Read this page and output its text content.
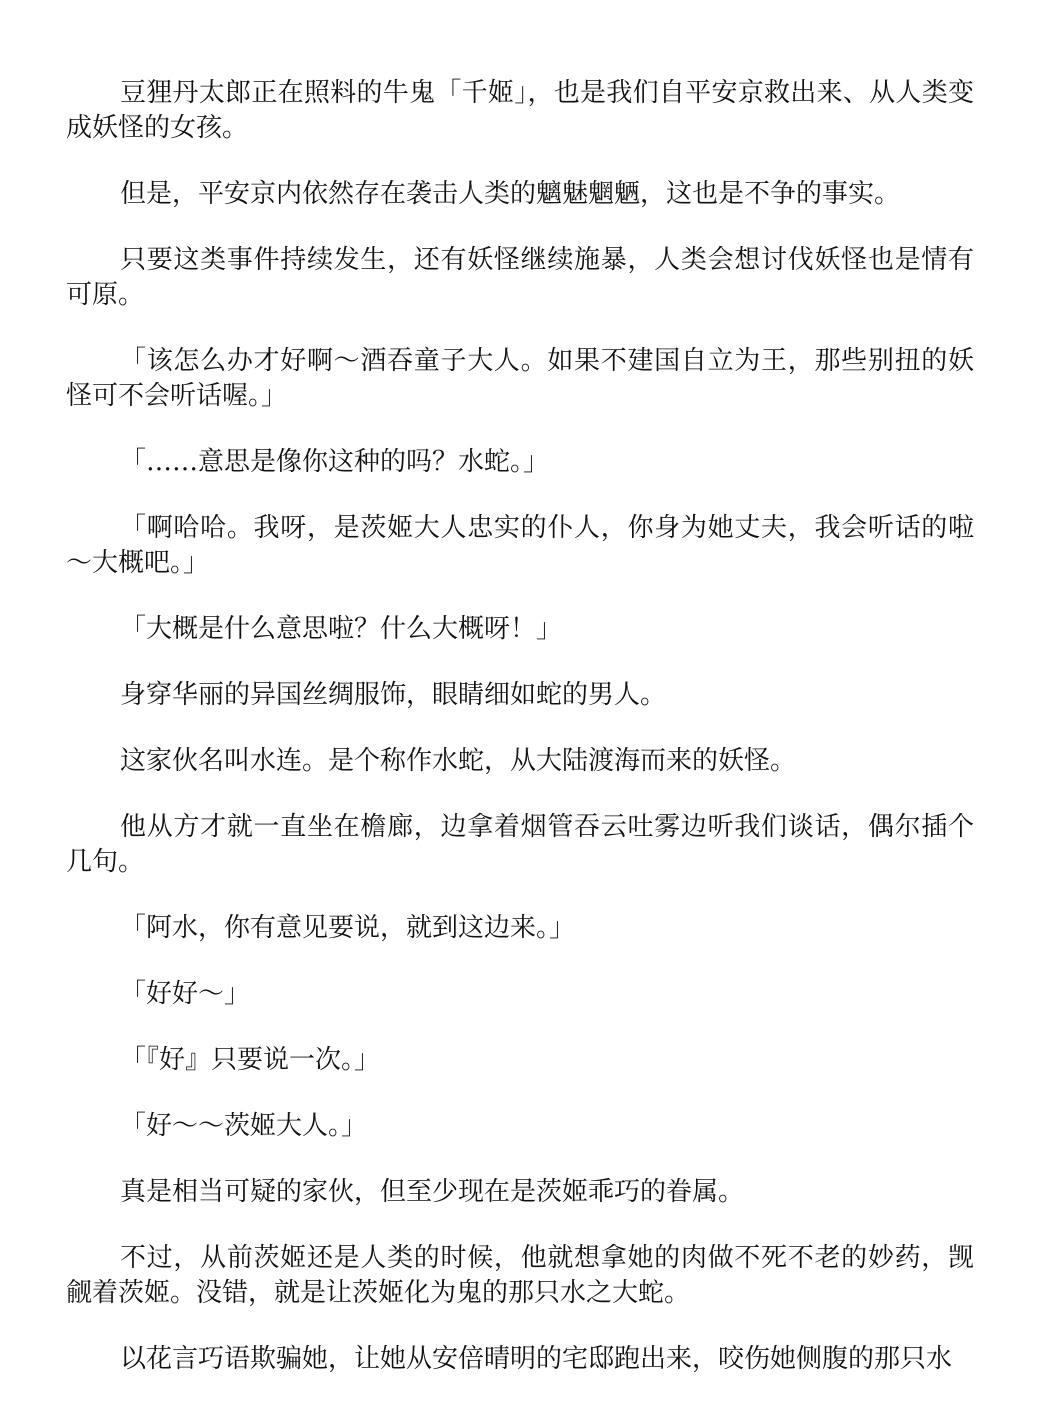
豆狸丹太郎正在照料的牛鬼「千姬」，也是我们自平安京救出来、从人类变成妖怪的女孩。

但是，平安京内依然存在袭击人类的魑魅魍魉，这也是不争的事实。

只要这类事件持续发生，还有妖怪继续施暴，人类会想讨伐妖怪也是情有可原。

「该怎么办才好啊～酒吞童子大人。如果不建国自立为王，那些别扭的妖怪可不会听话喔。」

「……意思是像你这种的吗？水蛇。」

「啊哈哈。我呀，是茨姬大人忠实的仆人，你身为她丈夫，我会听话的啦～大概吧。」

「大概是什么意思啦？什么大概呀！」

身穿华丽的异国丝绸服饰，眼睛细如蛇的男人。

这家伙名叫水连。是个称作水蛇，从大陆渡海而来的妖怪。

他从方才就一直坐在檐廊，边拿着烟管吞云吐雾边听我们谈话，偶尔插个几句。

「阿水，你有意见要说，就到这边来。」

「好好～」

「『好』只要说一次。」

「好～～茨姬大人。」

真是相当可疑的家伙，但至少现在是茨姬乖巧的眷属。

不过，从前茨姬还是人类的时候，他就想拿她的肉做不死不老的妙药，觊觎着茨姬。没错，就是让茨姬化为鬼的那只水之大蛇。

以花言巧语欺骗她，让她从安倍晴明的宅邸跑出来，咬伤她侧腹的那只水
